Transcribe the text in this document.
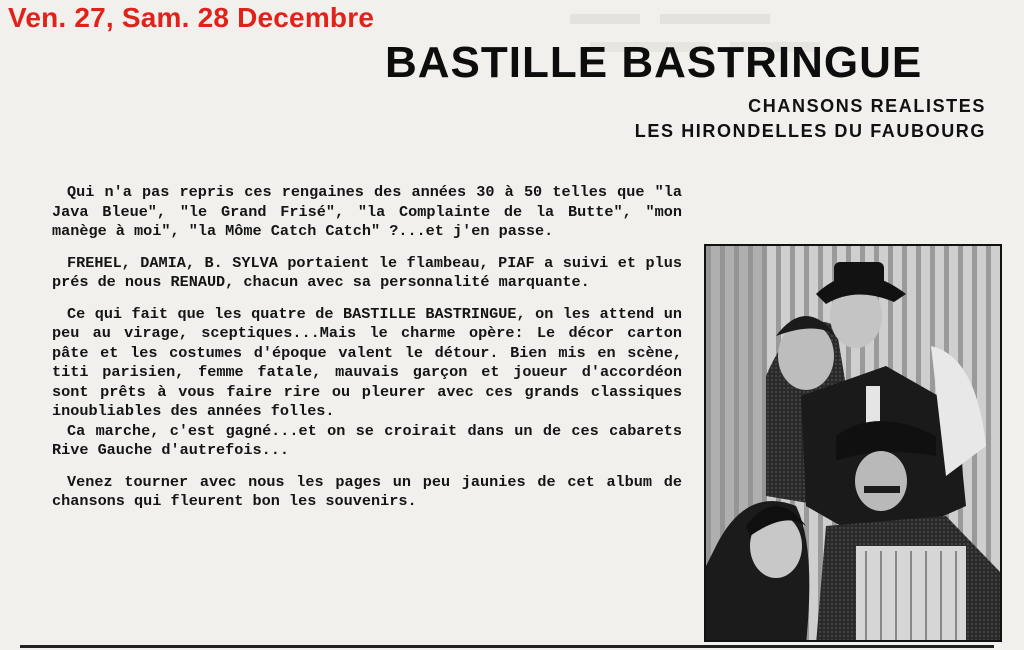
Ven. 27, Sam. 28 Decembre
BASTILLE BASTRINGUE
CHANSONS REALISTES
LES HIRONDELLES DU FAUBOURG

Qui n'a pas repris ces rengaines des années 30 à 50 telles que "la Java Bleue", "le Grand Frisé", "la Complainte de la Butte", "mon manège à moi", "la Môme Catch Catch" ?...et j'en passe.

FREHEL, DAMIA, B. SYLVA portaient le flambeau, PIAF a suivi et plus prés de nous RENAUD, chacun avec sa personnalité marquante.

Ce qui fait que les quatre de BASTILLE BASTRINGUE, on les attend un peu au virage, sceptiques...Mais le charme opère: Le décor carton pâte et les costumes d'époque valent le détour. Bien mis en scène, titi parisien, femme fatale, mauvais garçon et joueur d'accordéon sont prêts à vous faire rire ou pleurer avec ces grands classiques inoubliables des années folles.

Ca marche, c'est gagné...et on se croirait dans un de ces cabarets Rive Gauche d'autrefois...

Venez tourner avec nous les pages un peu jaunies de cet album de chansons qui fleurent bon les souvenirs.
